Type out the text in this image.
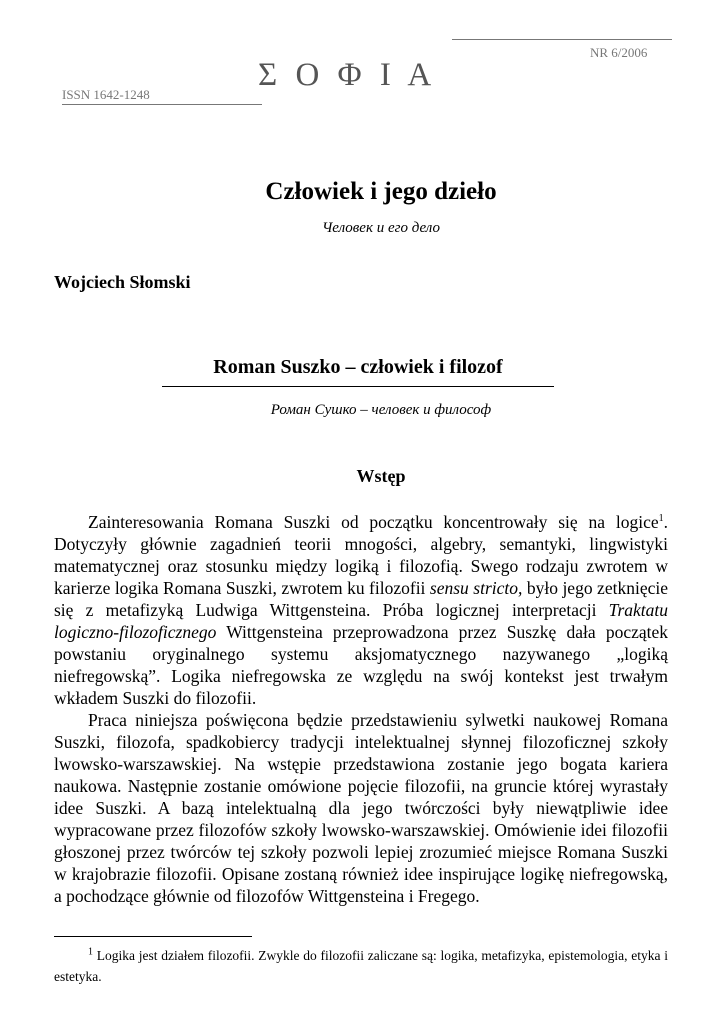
NR 6/2006
Σ Ο Φ Ι Α
ISSN 1642-1248
Człowiek i jego dzieło
Человек и его дело
Wojciech Słomski
Roman Suszko – człowiek i filozof
Роман Сушко – человек и философ
Wstęp

Zainteresowania Romana Suszki od początku koncentrowały się na logice$^1$. Dotyczyły głównie zagadnień teorii mnogości, algebry, semantyki, lingwistyki matematycznej oraz stosunku między logiką i filozofią. Swego rodzaju zwrotem w karierze logika Romana Suszki, zwrotem ku filozofii sensu stricto, było jego zetknięcie się z metafizyką Ludwiga Wittgensteina. Próba logicznej interpretacji Traktatu logiczno-filozoficznego Wittgensteina przeprowadzona przez Suszkę dała początek powstaniu oryginalnego systemu aksjomatycznego nazywanego „logiką niefregowską”. Logika niefregowska ze względu na swój kontekst jest trwałym wkładem Suszki do filozofii.

Praca niniejsza poświęcona będzie przedstawieniu sylwetki naukowej Romana Suszki, filozofa, spadkobiercy tradycji intelektualnej słynnej filozoficznej szkoły lwowsko-warszawskiej. Na wstępie przedstawiona zostanie jego bogata kariera naukowa. Następnie zostanie omówione pojęcie filozofii, na gruncie której wyrastały idee Suszki. A bazą intelektualną dla jego twórczości były niewątpliwie idee wypracowane przez filozofów szkoły lwowsko-warszawskiej. Omówienie idei filozofii głoszonej przez twórców tej szkoły pozwoli lepiej zrozumieć miejsce Romana Suszki w krajobrazie filozofii. Opisane zostaną również idee inspirujące logikę niefregowską, a pochodzące głównie od filozofów Wittgensteina i Fregego.

$^1$ Logika jest działem filozofii. Zwykle do filozofii zaliczane są: logika, metafizyka, epistemologia, etyka i estetyka.
